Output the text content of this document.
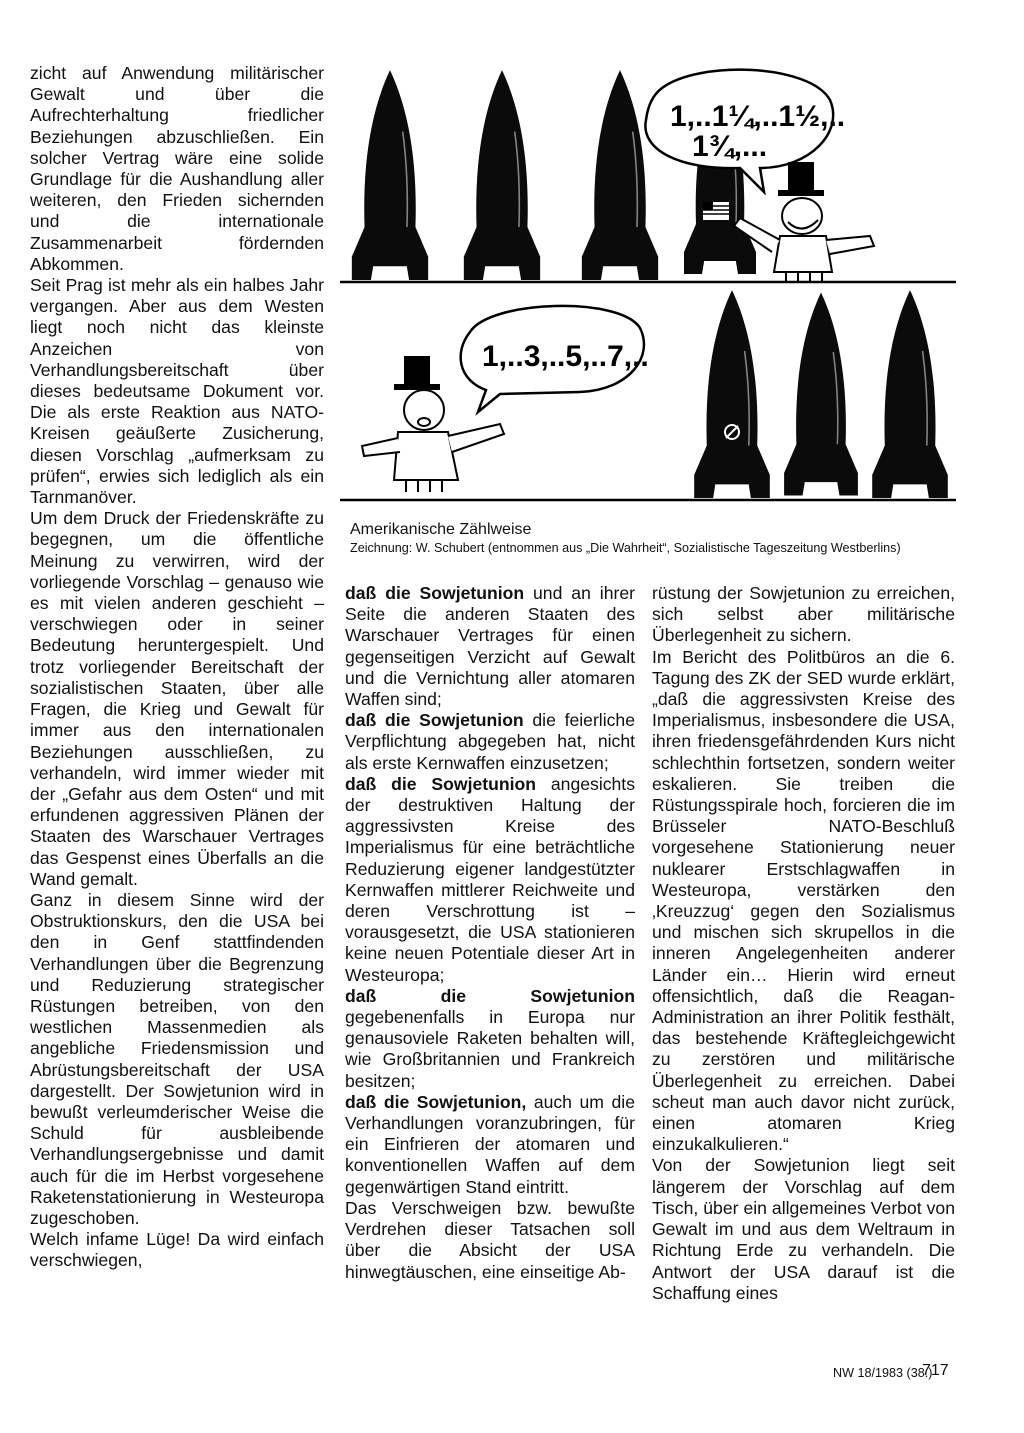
zicht auf Anwendung militärischer Gewalt und über die Aufrechterhaltung friedlicher Beziehungen abzuschließen. Ein solcher Vertrag wäre eine solide Grundlage für die Aushandlung aller weiteren, den Frieden sichernden und die internationale Zusammenarbeit fördernden Abkommen.

Seit Prag ist mehr als ein halbes Jahr vergangen. Aber aus dem Westen liegt noch nicht das kleinste Anzeichen von Verhandlungsbereitschaft über dieses bedeutsame Dokument vor. Die als erste Reaktion aus NATO-Kreisen geäußerte Zusicherung, diesen Vorschlag „aufmerksam zu prüfen“, erwies sich lediglich als ein Tarnmanöver.

Um dem Druck der Friedenskräfte zu begegnen, um die öffentliche Meinung zu verwirren, wird der vorliegende Vorschlag – genauso wie es mit vielen anderen geschieht – verschwiegen oder in seiner Bedeutung heruntergespielt. Und trotz vorliegender Bereitschaft der sozialistischen Staaten, über alle Fragen, die Krieg und Gewalt für immer aus den internationalen Beziehungen ausschließen, zu verhandeln, wird immer wieder mit der „Gefahr aus dem Osten“ und mit erfundenen aggressiven Plänen der Staaten des Warschauer Vertrages das Gespenst eines Überfalls an die Wand gemalt.

Ganz in diesem Sinne wird der Obstruktionskurs, den die USA bei den in Genf stattfindenden Verhandlungen über die Begrenzung und Reduzierung strategischer Rüstungen betreiben, von den westlichen Massenmedien als angebliche Friedensmission und Abrüstungsbereitschaft der USA dargestellt. Der Sowjetunion wird in bewußt verleumderischer Weise die Schuld für ausbleibende Verhandlungsergebnisse und damit auch für die im Herbst vorgesehene Raketenstationierung in Westeuropa zugeschoben.

Welch infame Lüge! Da wird einfach verschwiegen,

1,..1¼,..1½,..
1¾,...
1,..3,..5,..7,..
Amerikanische Zählweise
Zeichnung: W. Schubert (entnommen aus „Die Wahrheit“, Sozialistische Tageszeitung Westberlins)

daß die Sowjetunion und an ihrer Seite die anderen Staaten des Warschauer Vertrages für einen gegenseitigen Verzicht auf Gewalt und die Vernichtung aller atomaren Waffen sind;

daß die Sowjetunion die feierliche Verpflichtung abgegeben hat, nicht als erste Kernwaffen einzusetzen;

daß die Sowjetunion angesichts der destruktiven Haltung der aggressivsten Kreise des Imperialismus für eine beträchtliche Reduzierung eigener landgestützter Kernwaffen mittlerer Reichweite und deren Verschrottung ist – vorausgesetzt, die USA stationieren keine neuen Potentiale dieser Art in Westeuropa;

daß die Sowjetunion gegebenenfalls in Europa nur genausoviele Raketen behalten will, wie Großbritannien und Frankreich besitzen;

daß die Sowjetunion, auch um die Verhandlungen voranzubringen, für ein Einfrieren der atomaren und konventionellen Waffen auf dem gegenwärtigen Stand eintritt.

Das Verschweigen bzw. bewußte Verdrehen dieser Tatsachen soll über die Absicht der USA hinwegtäuschen, eine einseitige Ab-

rüstung der Sowjetunion zu erreichen, sich selbst aber militärische Überlegenheit zu sichern.

Im Bericht des Politbüros an die 6. Tagung des ZK der SED wurde erklärt, „daß die aggressivsten Kreise des Imperialismus, insbesondere die USA, ihren friedensgefährdenden Kurs nicht schlechthin fortsetzen, sondern weiter eskalieren. Sie treiben die Rüstungsspirale hoch, forcieren die im Brüsseler NATO-Beschluß vorgesehene Stationierung neuer nuklearer Erstschlagwaffen in Westeuropa, verstärken den ‚Kreuzzug‘ gegen den Sozialismus und mischen sich skrupellos in die inneren Angelegenheiten anderer Länder ein… Hierin wird erneut offensichtlich, daß die Reagan-Administration an ihrer Politik festhält, das bestehende Kräftegleichgewicht zu zerstören und militärische Überlegenheit zu erreichen. Dabei scheut man auch davor nicht zurück, einen atomaren Krieg einzukalkulieren.“

Von der Sowjetunion liegt seit längerem der Vorschlag auf dem Tisch, über ein allgemeines Verbot von Gewalt im und aus dem Weltraum in Richtung Erde zu verhandeln. Die Antwort der USA darauf ist die Schaffung eines

NW 18/1983 (38.)
717
